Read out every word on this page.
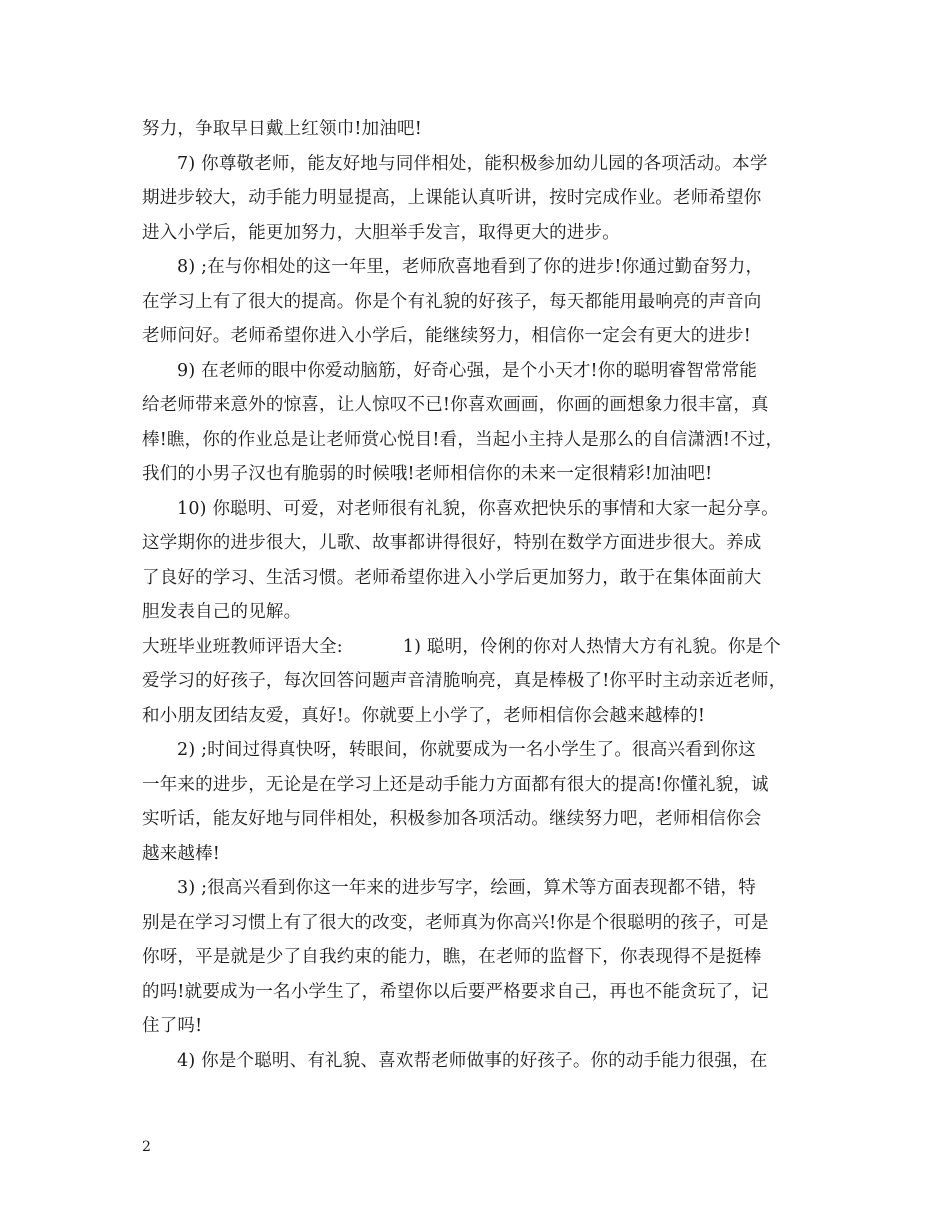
努力，争取早日戴上红领巾!加油吧!
7) 你尊敬老师，能友好地与同伴相处，能积极参加幼儿园的各项活动。本学
期进步较大，动手能力明显提高，上课能认真听讲，按时完成作业。老师希望你
进入小学后，能更加努力，大胆举手发言，取得更大的进步。
8) ;在与你相处的这一年里，老师欣喜地看到了你的进步!你通过勤奋努力，
在学习上有了很大的提高。你是个有礼貌的好孩子，每天都能用最响亮的声音向
老师问好。老师希望你进入小学后，能继续努力，相信你一定会有更大的进步!
9) 在老师的眼中你爱动脑筋，好奇心强，是个小天才!你的聪明睿智常常能
给老师带来意外的惊喜，让人惊叹不已!你喜欢画画，你画的画想象力很丰富，真
棒!瞧，你的作业总是让老师赏心悦目!看，当起小主持人是那么的自信潇洒!不过，
我们的小男子汉也有脆弱的时候哦!老师相信你的未来一定很精彩!加油吧!
10) 你聪明、可爱，对老师很有礼貌，你喜欢把快乐的事情和大家一起分享。
这学期你的进步很大，儿歌、故事都讲得很好，特别在数学方面进步很大。养成
了良好的学习、生活习惯。老师希望你进入小学后更加努力，敢于在集体面前大
胆发表自己的见解。
大班毕业班教师评语大全:	1) 聪明，伶俐的你对人热情大方有礼貌。你是个
爱学习的好孩子，每次回答问题声音清脆响亮，真是棒极了!你平时主动亲近老师，
和小朋友团结友爱，真好!。你就要上小学了，老师相信你会越来越棒的!
2) ;时间过得真快呀，转眼间，你就要成为一名小学生了。很高兴看到你这
一年来的进步，无论是在学习上还是动手能力方面都有很大的提高!你懂礼貌，诚
实听话，能友好地与同伴相处，积极参加各项活动。继续努力吧，老师相信你会
越来越棒!
3) ;很高兴看到你这一年来的进步写字，绘画，算术等方面表现都不错，特
别是在学习习惯上有了很大的改变，老师真为你高兴!你是个很聪明的孩子，可是
你呀，平是就是少了自我约束的能力，瞧，在老师的监督下，你表现得不是挺棒
的吗!就要成为一名小学生了，希望你以后要严格要求自己，再也不能贪玩了，记
住了吗!
4) 你是个聪明、有礼貌、喜欢帮老师做事的好孩子。你的动手能力很强，在
2
